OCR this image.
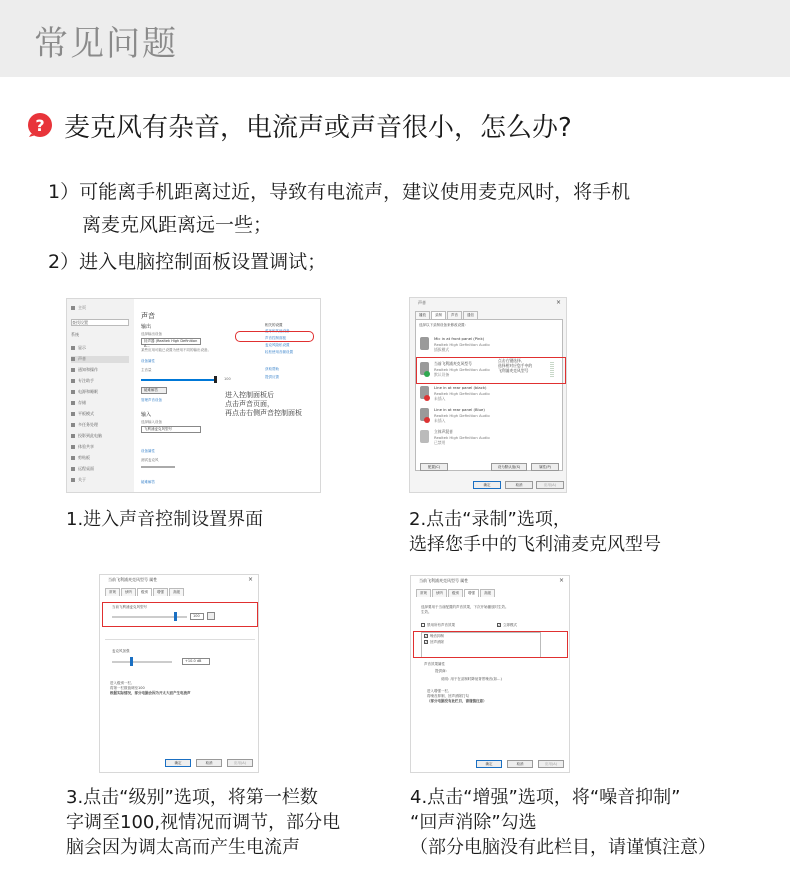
常见问题
? 麦克风有杂音，电流声或声音很小，怎么办?
1）可能离手机距离过近，导致有电流声，建议使用麦克风时，将手机
离麦克风距离远一些；
2）进入电脑控制面板设置调试；
主页
查找设置
系统
显示
声音
通知和操作
专注助手
电源和睡眠
存储
平板模式
多任务处理
投影到此电脑
体验共享
剪贴板
远程桌面
关于
声音
输出
选择输出设备
扬声器 (Realtek High Definition A...
某些应用可能已设置为使用不同的输出设备。
设备属性
主音量
100
疑难解答
管理声音设备
输入
选择输入设备
飞利浦麦克风型号
设备属性
测试麦克风
疑难解答
相关的设置
蓝牙和其他设备
声音控制面板
麦克风隐私设置
轻松使用音频设置
获取帮助
提供反馈
进入控制面板后
点击声音页面，
再点击右侧声音控制面板
1.进入声音控制设置界面
声音	×
播放	录制	声音	通信
选择以下录制设备来修改设置:
Mic in at front panel (Pink)
Realtek High Definition Audio
插拔模式
当前飞利浦麦克风型号
Realtek High Definition Audio
默认设备
Line in at rear panel (black)
Realtek High Definition Audio
未插入
Line in at rear panel (Blue)
Realtek High Definition Audio
未插入
立体声混音
Realtek High Definition Audio
已禁用
点击右键选择,
选择相对应您手中的
飞利浦麦克风型号
配置(C)	设为默认值(S)	属性(P)
确定	取消	应用(A)
2.点击“录制”选项，
选择您手中的飞利浦麦克风型号
当前飞利浦麦克风型号 属性	×
常规	侦听	级别	增强	高级
当前飞利浦麦克风型号
100
麦克风加强
+10.0 dB
进入级别一栏,
将第一栏数值调至100
根据实际情况，部分电脑会因为开太大而产生电流声
确定	取消	应用(A)
3.点击“级别”选项，将第一栏数
字调至100,视情况而调节，部分电
脑会因为调太高而产生电流声
当前飞利浦麦克风型号 属性	×
常规	侦听	级别	增强	高级
选择要用于当前配置的声音效果，下次开始播放时生效。
生效。
禁用所有声音效果	✓ 立即模式
✓ 噪音抑制
✓ 回声消除
声音效果属性
提供商:
说明: 用于在录制时降低背景噪音(如...)
进入增强一栏,
将噪音抑制，回声消除打勾
（部分电脑没有此栏目，请谨慎注意）
确定	取消	应用(A)
4.点击“增强”选项，将“噪音抑制”
“回声消除”勾选
（部分电脑没有此栏目，请谨慎注意）
